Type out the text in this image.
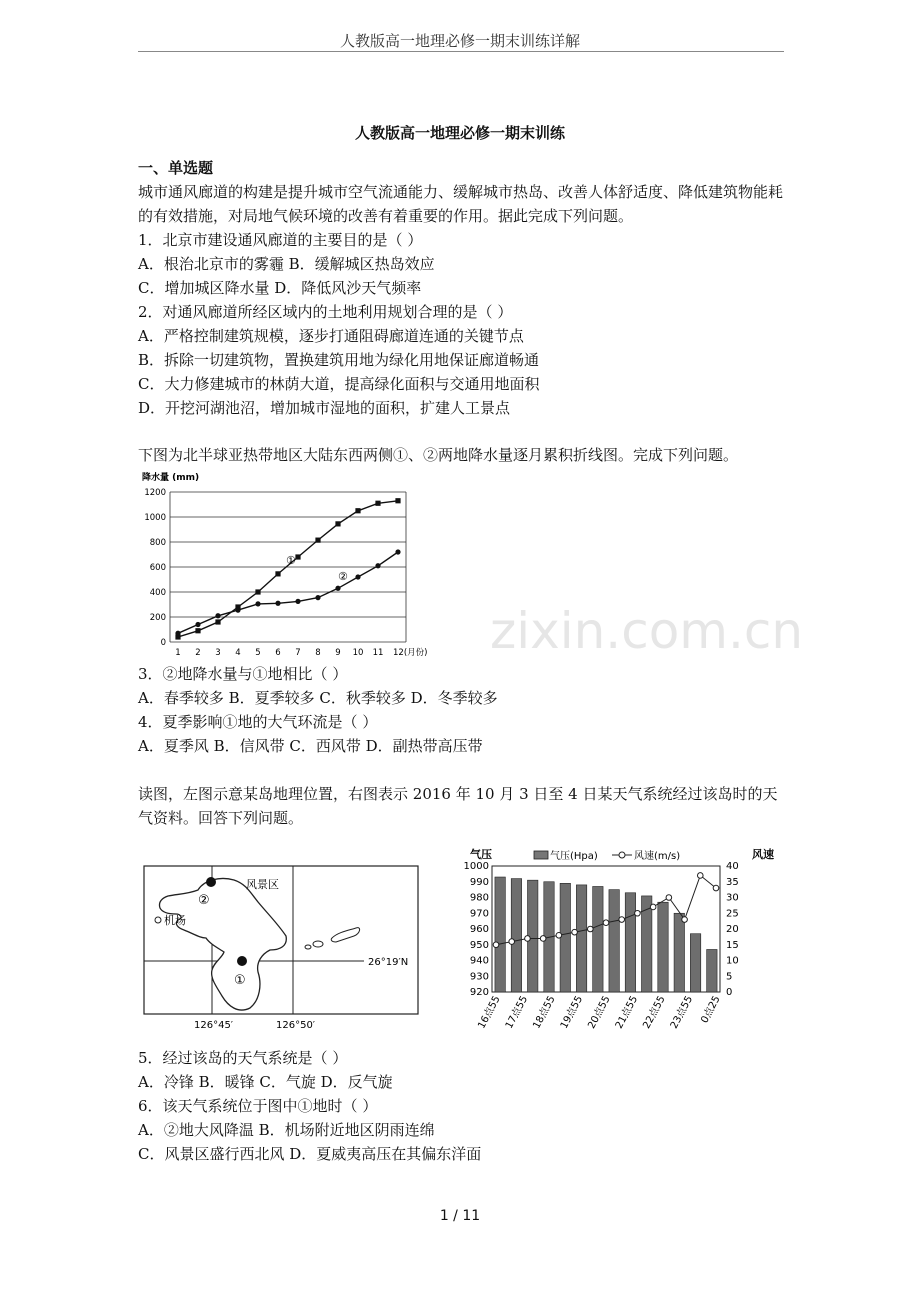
人教版高一地理必修一期末训练详解
人教版高一地理必修一期末训练
一、单选题
城市通风廊道的构建是提升城市空气流通能力、缓解城市热岛、改善人体舒适度、降低建筑物能耗的有效措施，对局地气候环境的改善有着重要的作用。据此完成下列问题。
1．北京市建设通风廊道的主要目的是（ ）
A．根治北京市的雾霾 B．缓解城区热岛效应
C．增加城区降水量 D．降低风沙天气频率
2．对通风廊道所经区域内的土地利用规划合理的是（ ）
A．严格控制建筑规模，逐步打通阻碍廊道连通的关键节点
B．拆除一切建筑物，置换建筑用地为绿化用地保证廊道畅通
C．大力修建城市的林荫大道，提高绿化面积与交通用地面积
D．开挖河湖池沼，增加城市湿地的面积，扩建人工景点
下图为北半球亚热带地区大陆东西两侧①、②两地降水量逐月累积折线图。完成下列问题。
降水量 (mm)
0
200
400
600
800
1000
1200
1 2 3 4 5 6 7 8 9 10 11 12(月份)
①
②
zixin.com.cn
3．②地降水量与①地相比（ ）
A．春季较多 B．夏季较多 C．秋季较多 D．冬季较多
4．夏季影响①地的大气环流是（ ）
A．夏季风 B．信风带 C．西风带 D．副热带高压带
读图，左图示意某岛地理位置，右图表示 2016 年 10 月 3 日至 4 日某天气系统经过该岛时的天气资料。回答下列问题。
风景区
机场
②
①
26°19′N
126°45′	126°50′
气压	风速
气压(Hpa)	风速(m/s)
920
930
940
950
960
970
980
990
1000
0
5
10
15
20
25
30
35
40
16点55 17点55 18点55 19点55 20点55 21点55 22点55 23点55 0点25
5．经过该岛的天气系统是（ ）
A．冷锋 B．暖锋 C．气旋 D．反气旋
6．该天气系统位于图中①地时（ ）
A．②地大风降温 B．机场附近地区阴雨连绵
C．风景区盛行西北风 D．夏威夷高压在其偏东洋面
1 / 11
